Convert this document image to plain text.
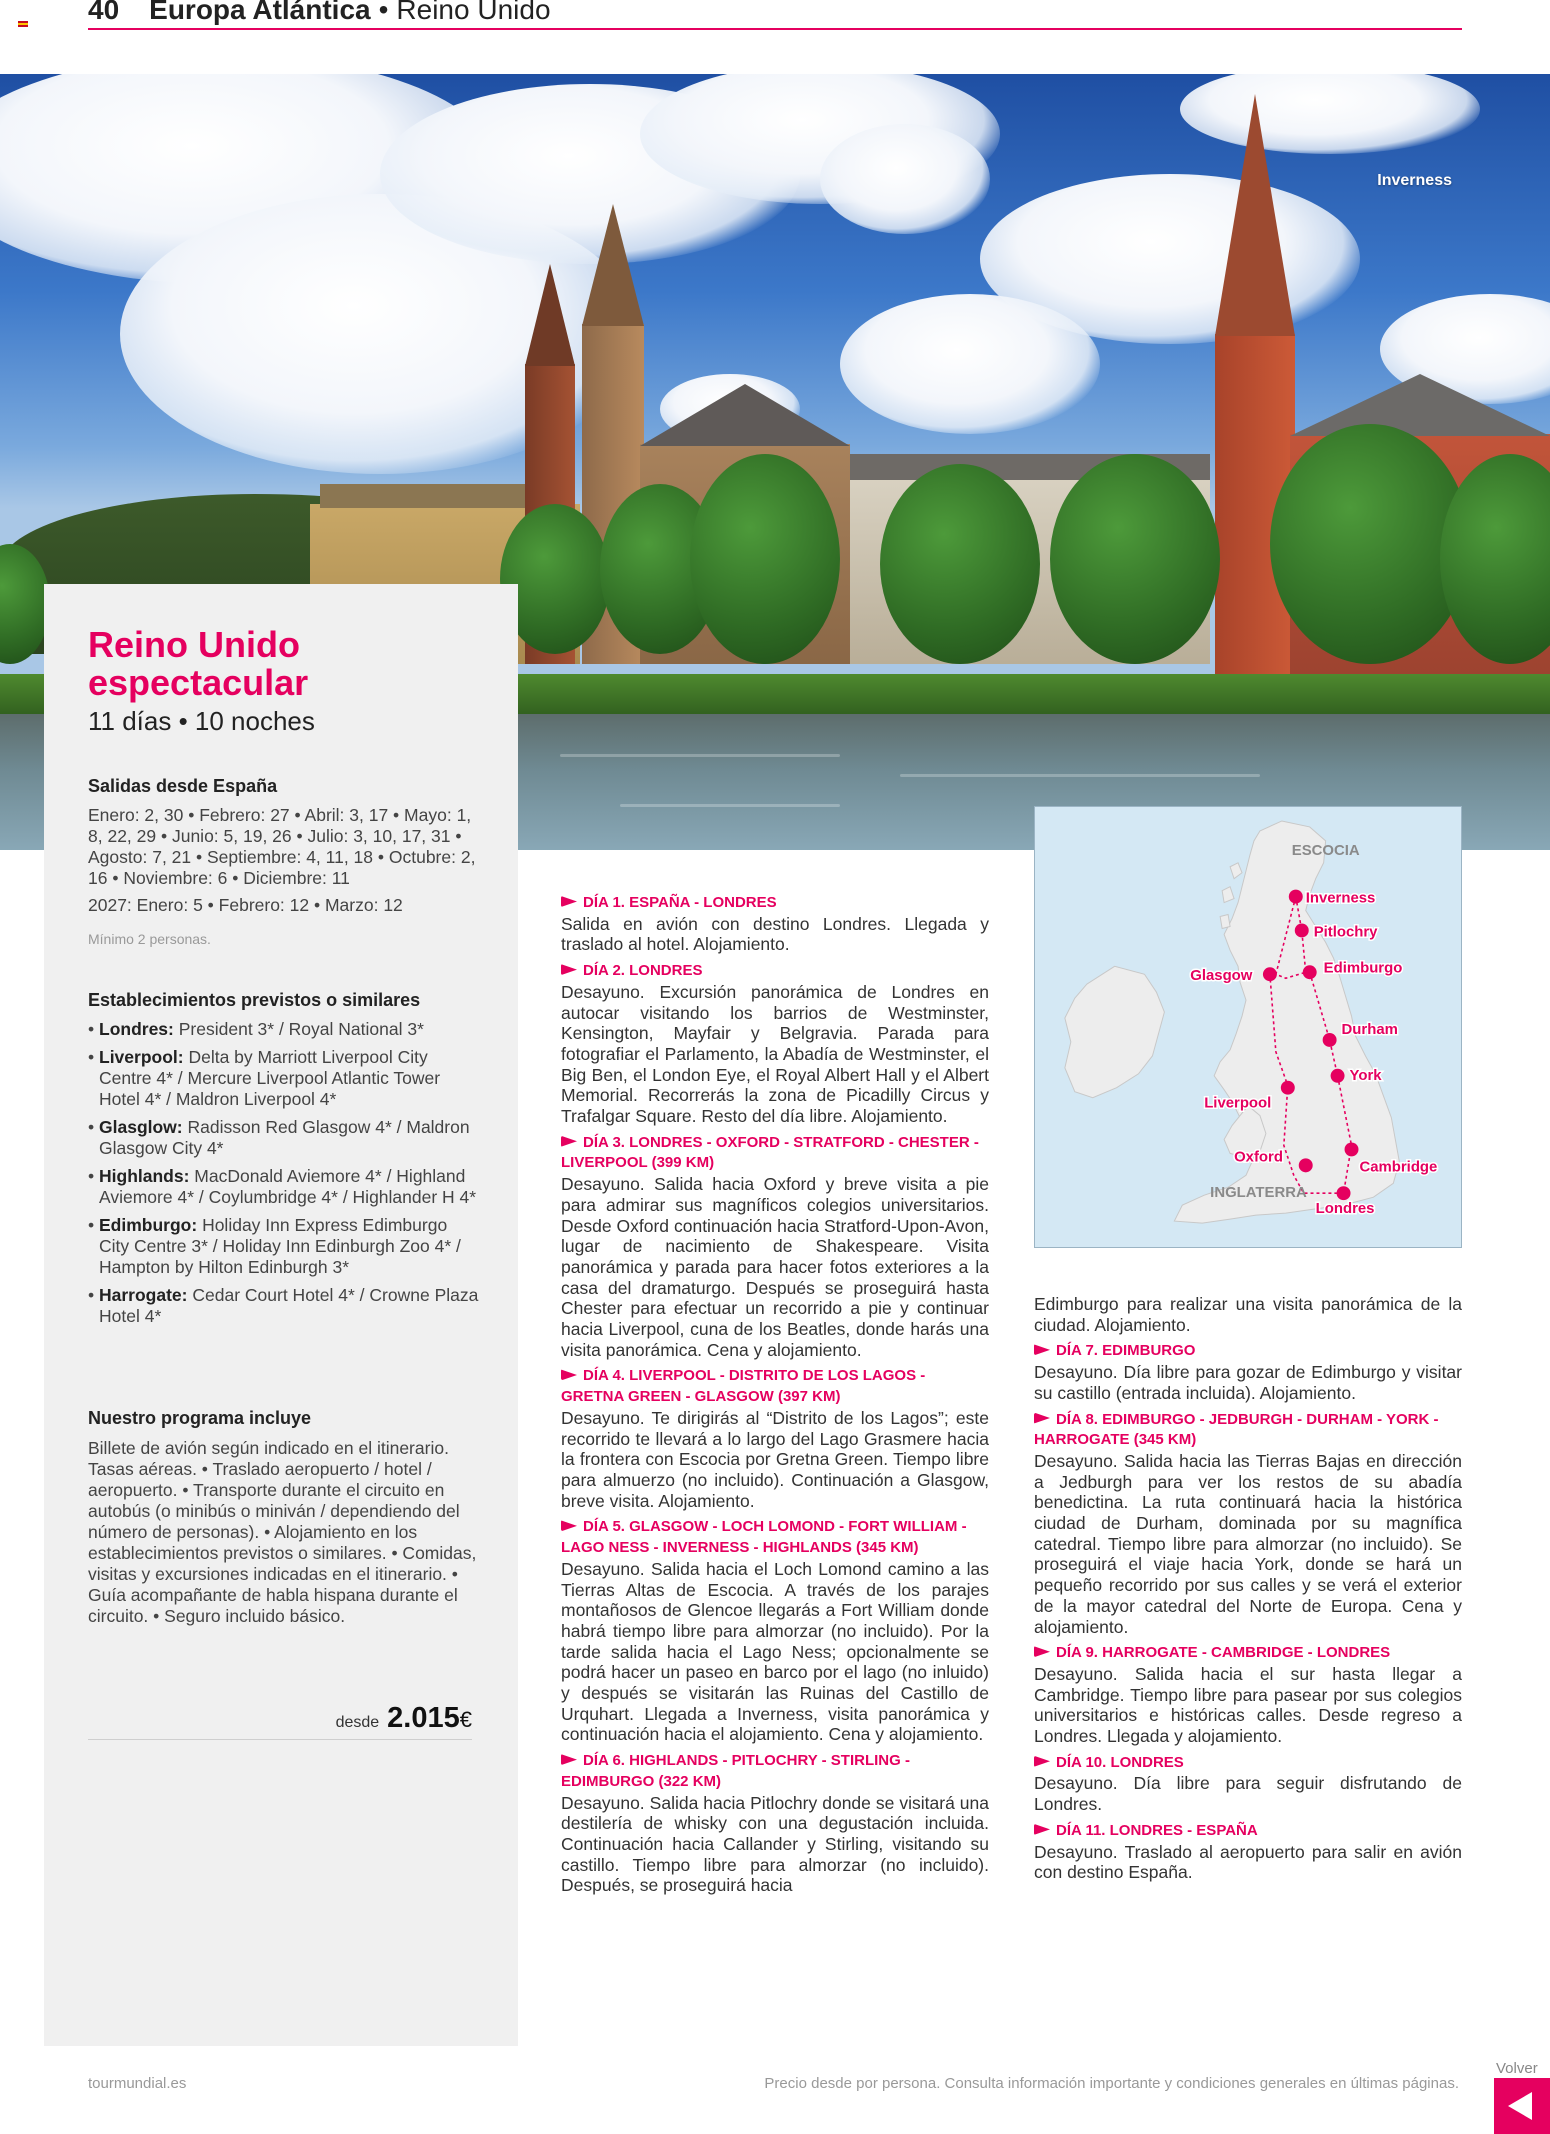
40 Europa Atlántica • Reino Unido
Inverness
Reino Unido espectacular
11 días • 10 noches
Salidas desde España
Enero: 2, 30 • Febrero: 27 • Abril: 3, 17 • Mayo: 1, 8, 22, 29 • Junio: 5, 19, 26 • Julio: 3, 10, 17, 31 • Agosto: 7, 21 • Septiembre: 4, 11, 18 • Octubre: 2, 16 • Noviembre: 6 • Diciembre: 11
2027: Enero: 5 • Febrero: 12 • Marzo: 12
Mínimo 2 personas.
Establecimientos previstos o similares
• Londres: President 3* / Royal National 3*
• Liverpool: Delta by Marriott Liverpool City Centre 4* / Mercure Liverpool Atlantic Tower Hotel 4* / Maldron Liverpool 4*
• Glasglow: Radisson Red Glasgow 4* / Maldron Glasgow City 4*
• Highlands: MacDonald Aviemore 4* / Highland Aviemore 4* / Coylumbridge 4* / Highlander H 4*
• Edimburgo: Holiday Inn Express Edimburgo City Centre 3* / Holiday Inn Edinburgh Zoo 4* / Hampton by Hilton Edinburgh 3*
• Harrogate: Cedar Court Hotel 4* / Crowne Plaza Hotel 4*
Nuestro programa incluye
Billete de avión según indicado en el itinerario. Tasas aéreas. • Traslado aeropuerto / hotel / aeropuerto. • Transporte durante el circuito en autobús (o minibús o miniván / dependiendo del número de personas). • Alojamiento en los establecimientos previstos o similares. • Comidas, visitas y excursiones indicadas en el itinerario. • Guía acompañante de habla hispana durante el circuito. • Seguro incluido básico.
desde 2.015€
Inverness
Pitlochry
Glasgow	Edimburgo
Durham
York
Liverpool
Oxford
Cambridge
Londres
ESCOCIA
INGLATERRA
DÍA 1. ESPAÑA - LONDRES

Salida en avión con destino Londres. Llegada y traslado al hotel. Alojamiento.

DÍA 2. LONDRES

Desayuno. Excursión panorámica de Londres en autocar visitando los barrios de Westminster, Kensington, Mayfair y Belgravia. Parada para fotografiar el Parlamento, la Abadía de Westminster, el Big Ben, el London Eye, el Royal Albert Hall y el Albert Memorial. Recorrerás la zona de Picadilly Circus y Trafalgar Square. Resto del día libre. Alojamiento.

DÍA 3. LONDRES - OXFORD - STRATFORD - CHESTER - LIVERPOOL (399 KM)

Desayuno. Salida hacia Oxford y breve visita a pie para admirar sus magníficos colegios universitarios. Desde Oxford continuación hacia Stratford-Upon-Avon, lugar de nacimiento de Shakespeare. Visita panorámica y parada para hacer fotos exteriores a la casa del dramaturgo. Después se proseguirá hasta Chester para efectuar un recorrido a pie y continuar hacia Liverpool, cuna de los Beatles, donde harás una visita panorámica. Cena y alojamiento.

DÍA 4. LIVERPOOL - DISTRITO DE LOS LAGOS - GRETNA GREEN - GLASGOW (397 KM)

Desayuno. Te dirigirás al “Distrito de los Lagos”; este recorrido te llevará a lo largo del Lago Grasmere hacia la frontera con Escocia por Gretna Green. Tiempo libre para almuerzo (no incluido). Continuación a Glasgow, breve visita. Alojamiento.

DÍA 5. GLASGOW - LOCH LOMOND - FORT WILLIAM - LAGO NESS - INVERNESS - HIGHLANDS (345 KM)

Desayuno. Salida hacia el Loch Lomond camino a las Tierras Altas de Escocia. A través de los parajes montañosos de Glencoe llegarás a Fort William donde habrá tiempo libre para almorzar (no incluido). Por la tarde salida hacia el Lago Ness; opcionalmente se podrá hacer un paseo en barco por el lago (no inluido) y después se visitarán las Ruinas del Castillo de Urquhart. Llegada a Inverness, visita panorámica y continuación hacia el alojamiento. Cena y alojamiento.

DÍA 6. HIGHLANDS - PITLOCHRY - STIRLING - EDIMBURGO (322 KM)

Desayuno. Salida hacia Pitlochry donde se visitará una destilería de whisky con una degustación incluida. Continuación hacia Callander y Stirling, visitando su castillo. Tiempo libre para almorzar (no incluido). Después, se proseguirá hacia

Edimburgo para realizar una visita panorámica de la ciudad. Alojamiento.

DÍA 7. EDIMBURGO

Desayuno. Día libre para gozar de Edimburgo y visitar su castillo (entrada incluida). Alojamiento.

DÍA 8. EDIMBURGO - JEDBURGH - DURHAM - YORK - HARROGATE (345 KM)

Desayuno. Salida hacia las Tierras Bajas en dirección a Jedburgh para ver los restos de su abadía benedictina. La ruta continuará hacia la histórica ciudad de Durham, dominada por su magnífica catedral. Tiempo libre para almorzar (no incluido). Se proseguirá el viaje hacia York, donde se hará un pequeño recorrido por sus calles y se verá el exterior de la mayor catedral del Norte de Europa. Cena y alojamiento.

DÍA 9. HARROGATE - CAMBRIDGE - LONDRES

Desayuno. Salida hacia el sur hasta llegar a Cambridge. Tiempo libre para pasear por sus colegios universitarios e históricas calles. Desde regreso a Londres. Llegada y alojamiento.

DÍA 10. LONDRES

Desayuno. Día libre para seguir disfrutando de Londres.

DÍA 11. LONDRES - ESPAÑA

Desayuno. Traslado al aeropuerto para salir en avión con destino España.

tourmundial.es	Precio desde por persona. Consulta información importante y condiciones generales en últimas páginas.
Volver
